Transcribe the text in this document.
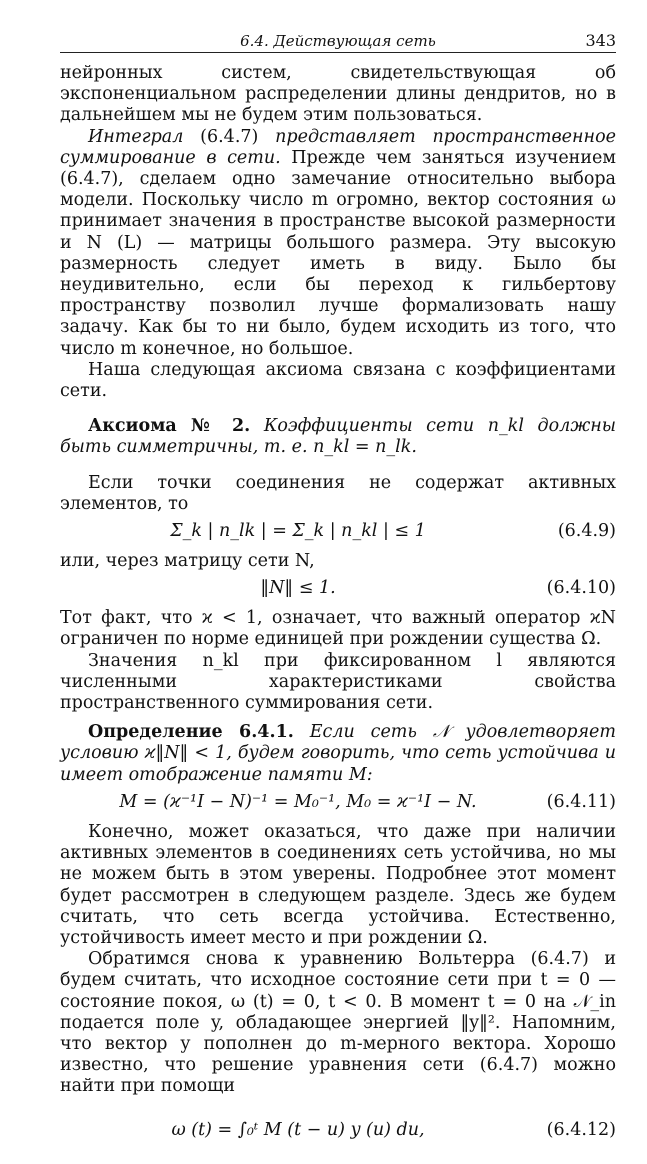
6.4. Действующая сеть	343

нейронных систем, свидетельствующая об экспоненциальном распределении длины дендритов, но в дальнейшем мы не будем этим пользоваться.

Интеграл (6.4.7) представляет пространственное суммирование в сети. Прежде чем заняться изучением (6.4.7), сделаем одно замечание относительно выбора модели. Поскольку число m огромно, вектор состояния ω принимает значения в пространстве высокой размерности и N (L) — матрицы большого размера. Эту высокую размерность следует иметь в виду. Было бы неудивительно, если бы переход к гильбертову пространству позволил лучше формализовать нашу задачу. Как бы то ни было, будем исходить из того, что число m конечное, но большое.

Наша следующая аксиома связана с коэффициентами сети.

Аксиома № 2. Коэффициенты сети n_kl должны быть симметричны, т. е. n_kl = n_lk.

Если точки соединения не содержат активных элементов, то

Σ_k | n_lk | = Σ_k | n_kl | ≤ 1	(6.4.9)

или, через матрицу сети N,

‖N‖ ≤ 1.	(6.4.10)

Тот факт, что ϰ < 1, означает, что важный оператор ϰN ограничен по норме единицей при рождении существа Ω.

Значения n_kl при фиксированном l являются численными характеристиками свойства пространственного суммирования сети.

Определение 6.4.1. Если сеть 𝒩 удовлетворяет условию ϰ‖N‖ < 1, будем говорить, что сеть устойчива и имеет отображение памяти M:

M = (ϰ⁻¹I − N)⁻¹ = M₀⁻¹, M₀ = ϰ⁻¹I − N.	(6.4.11)

Конечно, может оказаться, что даже при наличии активных элементов в соединениях сеть устойчива, но мы не можем быть в этом уверены. Подробнее этот момент будет рассмотрен в следующем разделе. Здесь же будем считать, что сеть всегда устойчива. Естественно, устойчивость имеет место и при рождении Ω.

Обратимся снова к уравнению Вольтерра (6.4.7) и будем считать, что исходное состояние сети при t = 0 — состояние покоя, ω (t) = 0, t < 0. В момент t = 0 на 𝒩_in подается поле y, обладающее энергией ‖y‖². Напомним, что вектор y пополнен до m-мерного вектора. Хорошо известно, что решение уравнения сети (6.4.7) можно найти при помощи

ω (t) = ∫₀ᵗ M (t − u) y (u) du,	(6.4.12)
